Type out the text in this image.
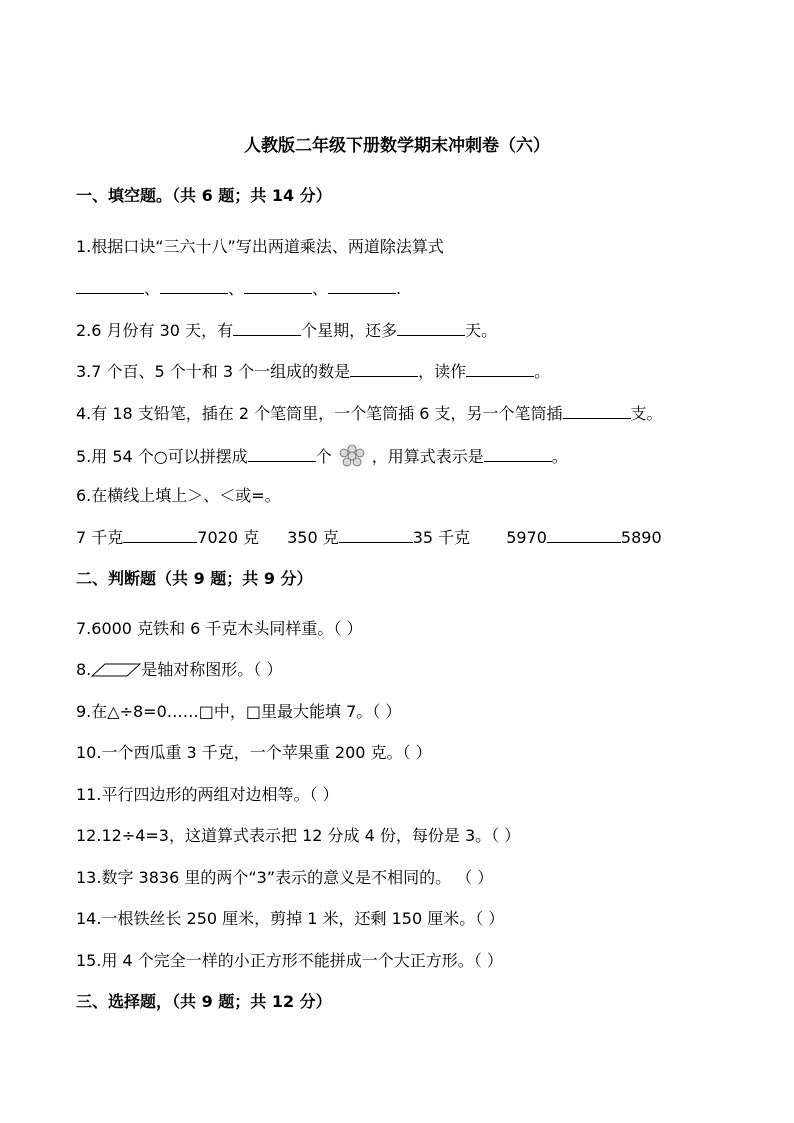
人教版二年级下册数学期末冲刺卷（六）
一、填空题。（共 6 题；共 14 分）
1.根据口诀“三六十八”写出两道乘法、两道除法算式
、	、	、	.
2.6 月份有 30 天，有	个星期，还多	天。
3.7 个百、5 个十和 3 个一组成的数是	，读作	。
4.有 18 支铅笔，插在 2 个笔筒里，一个笔筒插 6 支，另一个笔筒插	支。
5.用 54 个○可以拼摆成	个	，用算式表示是	。
6.在横线上填上＞、＜或=。
7 千克	7020 克 350 克	35 千克 5970	5890
二、判断题（共 9 题；共 9 分）
7.6000 克铁和 6 千克木头同样重。（ ）
8.	是轴对称图形。（ ）
9.在△÷8=0……□中，□里最大能填 7。（ ）
10.一个西瓜重 3 千克，一个苹果重 200 克。（ ）
11.平行四边形的两组对边相等。（ ）
12.12÷4=3，这道算式表示把 12 分成 4 份，每份是 3。（ ）
13.数字 3836 里的两个“3”表示的意义是不相同的。 （ ）
14.一根铁丝长 250 厘米，剪掉 1 米，还剩 150 厘米。（ ）
15.用 4 个完全一样的小正方形不能拼成一个大正方形。（ ）
三、选择题，（共 9 题；共 12 分）
